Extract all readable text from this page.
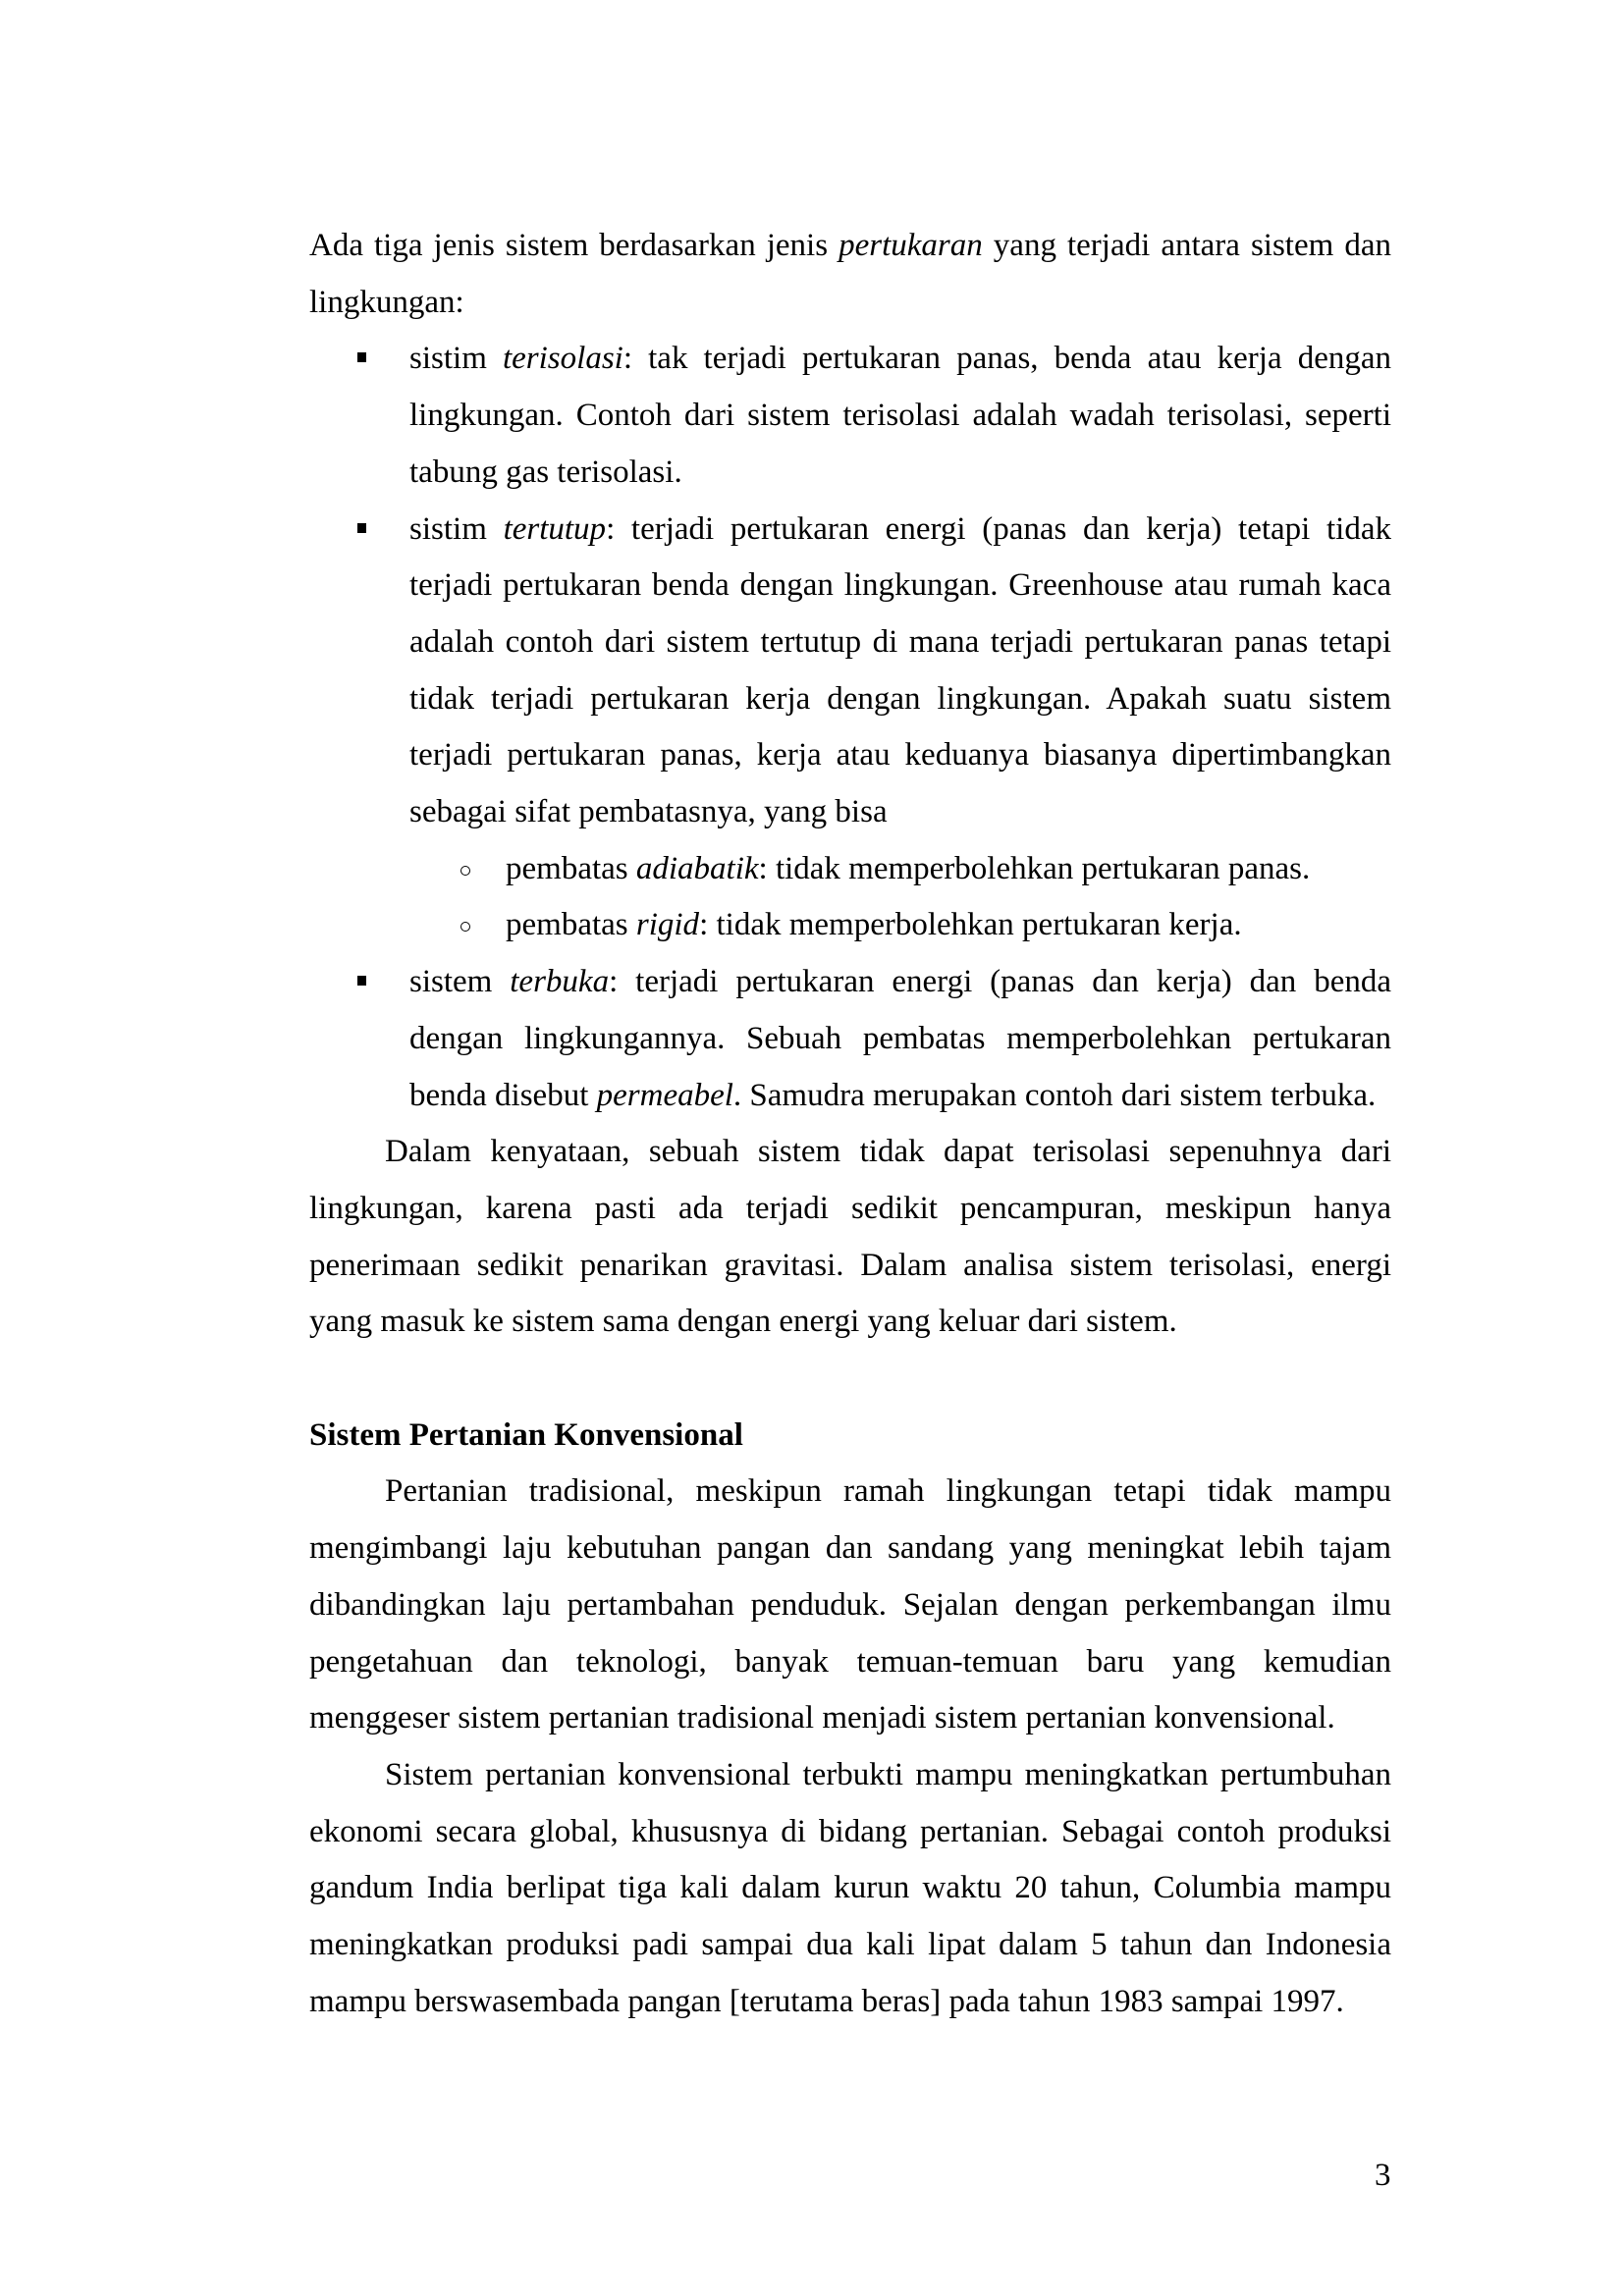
Ada tiga jenis sistem berdasarkan jenis pertukaran yang terjadi antara sistem dan lingkungan:

sistim terisolasi: tak terjadi pertukaran panas, benda atau kerja dengan lingkungan. Contoh dari sistem terisolasi adalah wadah terisolasi, seperti tabung gas terisolasi.
sistim tertutup: terjadi pertukaran energi (panas dan kerja) tetapi tidak terjadi pertukaran benda dengan lingkungan. Greenhouse atau rumah kaca adalah contoh dari sistem tertutup di mana terjadi pertukaran panas tetapi tidak terjadi pertukaran kerja dengan lingkungan. Apakah suatu sistem terjadi pertukaran panas, kerja atau keduanya biasanya dipertimbangkan sebagai sifat pembatasnya, yang bisa
pembatas adiabatik: tidak memperbolehkan pertukaran panas.
pembatas rigid: tidak memperbolehkan pertukaran kerja.
sistem terbuka: terjadi pertukaran energi (panas dan kerja) dan benda dengan lingkungannya. Sebuah pembatas memperbolehkan pertukaran benda disebut permeabel. Samudra merupakan contoh dari sistem terbuka.

Dalam kenyataan, sebuah sistem tidak dapat terisolasi sepenuhnya dari lingkungan, karena pasti ada terjadi sedikit pencampuran, meskipun hanya penerimaan sedikit penarikan gravitasi. Dalam analisa sistem terisolasi, energi yang masuk ke sistem sama dengan energi yang keluar dari sistem.

Sistem Pertanian Konvensional

Pertanian tradisional, meskipun ramah lingkungan tetapi tidak mampu mengimbangi laju kebutuhan pangan dan sandang yang meningkat lebih tajam dibandingkan laju pertambahan penduduk. Sejalan dengan perkembangan ilmu pengetahuan dan teknologi, banyak temuan-temuan baru yang kemudian menggeser sistem pertanian tradisional menjadi sistem pertanian konvensional.

Sistem pertanian konvensional terbukti mampu meningkatkan pertumbuhan ekonomi secara global, khususnya di bidang pertanian. Sebagai contoh produksi gandum India berlipat tiga kali dalam kurun waktu 20 tahun, Columbia mampu meningkatkan produksi padi sampai dua kali lipat dalam 5 tahun dan Indonesia mampu berswasembada pangan [terutama beras] pada tahun 1983 sampai 1997.

3
